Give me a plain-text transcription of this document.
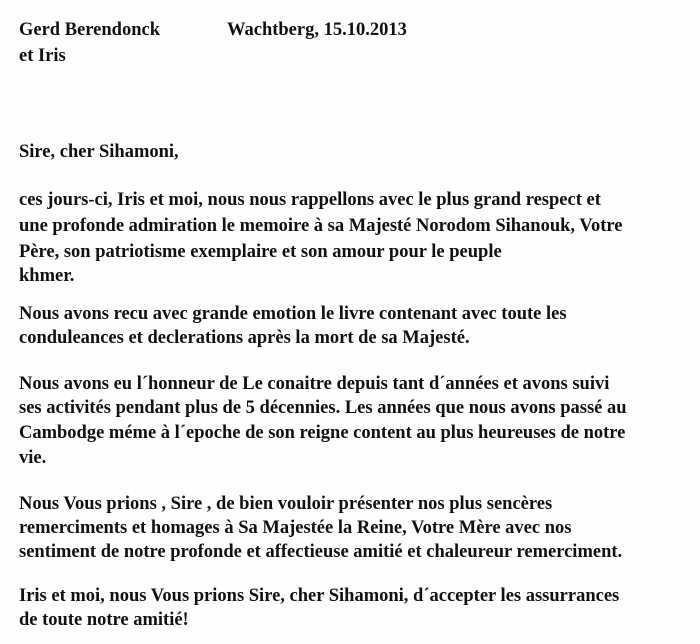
Gerd Berendonck
et Iris
Wachtberg, 15.10.2013
Sire, cher Sihamoni,
ces jours-ci, Iris et moi, nous nous rappellons avec le plus grand respect et
une profonde admiration le memoire à sa Majesté Norodom Sihanouk, Votre
Père, son patriotisme exemplaire et son amour pour le peuple
khmer.
Nous avons recu avec grande emotion le livre contenant avec toute les
conduleances et declerations après la mort de sa Majesté.
Nous avons eu l´honneur de Le conaitre depuis tant d´années et avons suivi
ses activités pendant plus de 5 décennies. Les années que nous avons passé au
Cambodge méme à l´epoche de son reigne content au plus heureuses de notre
vie.
Nous Vous prions , Sire , de bien vouloir présenter nos plus sencères
remerciments et homages à Sa Majestée la Reine, Votre Mère avec nos
sentiment de notre profonde et affectieuse amitié et chaleureur remerciment.
Iris et moi, nous Vous prions Sire, cher Sihamoni, d´accepter les assurrances
de toute notre amitié!
